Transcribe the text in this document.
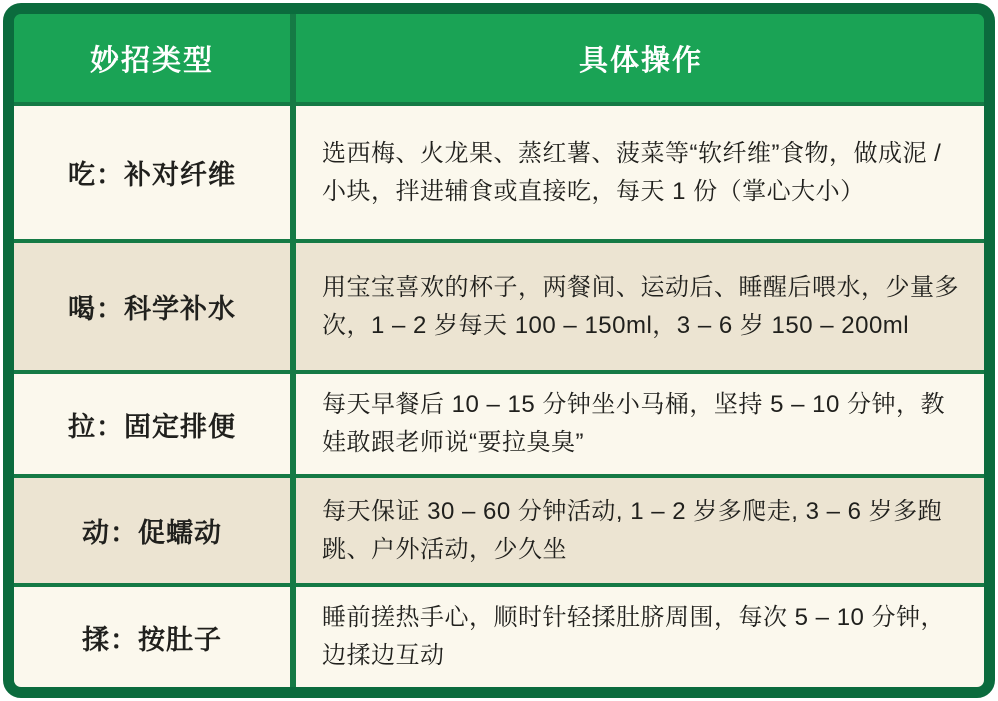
妙招类型	具体操作
吃：补对纤维
选西梅、火龙果、蒸红薯、菠菜等“软纤维”食物，做成泥 / 小块，拌进辅食或直接吃，每天 1 份（掌心大小）
喝：科学补水
用宝宝喜欢的杯子，两餐间、运动后、睡醒后喂水，少量多次，1 – 2 岁每天 100 – 150ml，3 – 6 岁 150 – 200ml
拉：固定排便
每天早餐后 10 – 15 分钟坐小马桶，坚持 5 – 10 分钟，教娃敢跟老师说“要拉臭臭”
动：促蠕动
每天保证 30 – 60 分钟活动, 1 – 2 岁多爬走, 3 – 6 岁多跑跳、户外活动，少久坐
揉：按肚子
睡前搓热手心，顺时针轻揉肚脐周围，每次 5 – 10 分钟，边揉边互动
